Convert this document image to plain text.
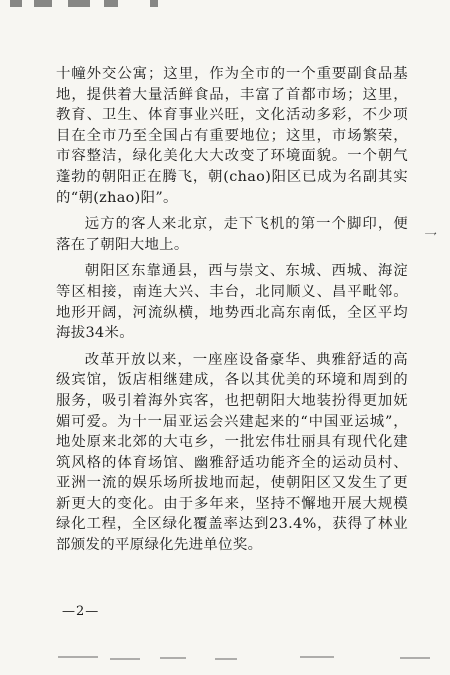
十幢外交公寓；这里，作为全市的一个重要副食品基地，提供着大量活鲜食品，丰富了首都市场；这里，教育、卫生、体育事业兴旺，文化活动多彩，不少项目在全市乃至全国占有重要地位；这里，市场繁荣，市容整洁，绿化美化大大改变了环境面貌。一个朝气蓬勃的朝阳正在腾飞，朝(chao)阳区已成为名副其实的“朝(zhao)阳”。

远方的客人来北京，走下飞机的第一个脚印，便落在了朝阳大地上。

朝阳区东靠通县，西与崇文、东城、西城、海淀等区相接，南连大兴、丰台，北同顺义、昌平毗邻。地形开阔，河流纵横，地势西北高东南低，全区平均海拔34米。

改革开放以来，一座座设备豪华、典雅舒适的高级宾馆，饭店相继建成，各以其优美的环境和周到的服务，吸引着海外宾客，也把朝阳大地装扮得更加妩媚可爱。为十一届亚运会兴建起来的“中国亚运城”，地处原来北郊的大屯乡，一批宏伟壮丽具有现代化建筑风格的体育场馆、幽雅舒适功能齐全的运动员村、亚洲一流的娱乐场所拔地而起，使朝阳区又发生了更新更大的变化。由于多年来，坚持不懈地开展大规模绿化工程，全区绿化覆盖率达到23.4%，获得了林业部颁发的平原绿化先进单位奖。

乛
—2—
